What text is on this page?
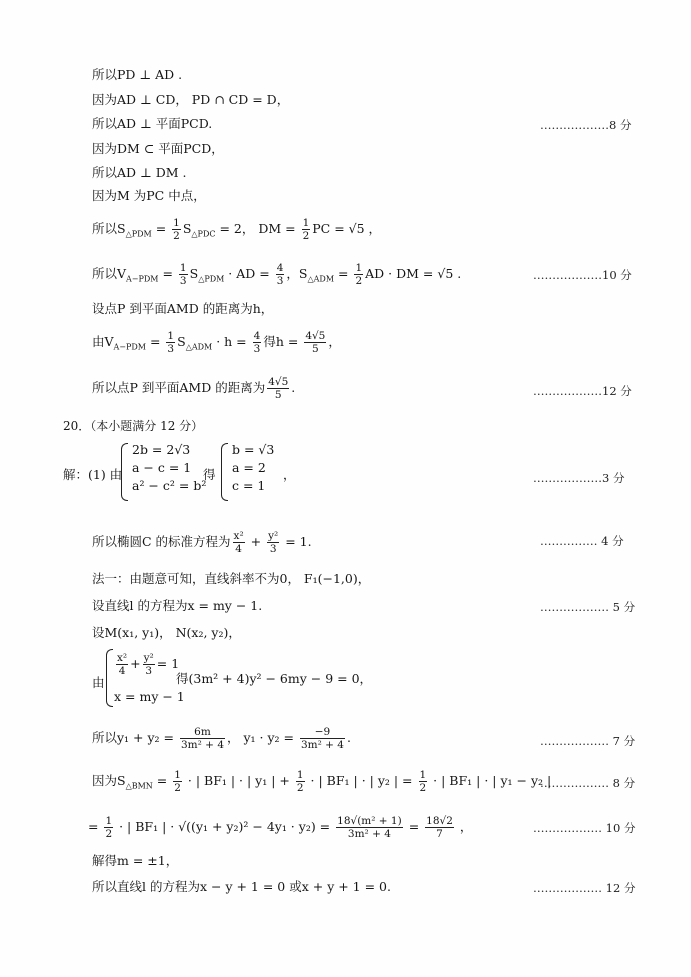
所以PD ⊥ AD .
因为AD ⊥ CD， PD ∩ CD = D，
所以AD ⊥ 平面PCD.	………………8 分
因为DM ⊂ 平面PCD，
所以AD ⊥ DM .
因为M 为PC 中点，
所以$S_{\triangle PDM} = \frac{1}{2} S_{\triangle PDC} = 2$， DM = $\frac{1}{2}$ PC = √5 ，
所以$V_{A-PDM} = \frac{1}{3} S_{\triangle PDM}$ · AD = $\frac{4}{3}$ ，$S_{\triangle ADM} = \frac{1}{2}$ AD · DM = √5 .	………………10 分
设点P 到平面AMD 的距离为h，
由$V_{A-PDM} = \frac{1}{3} S_{\triangle ADM} \cdot h = \frac{4}{3}$ 得$h = \frac{4√5}{5}$ ，
所以点P 到平面AMD 的距离为 $\frac{4√5}{5}$ .	………………12 分
20．（本小题满分 12 分）
解：(1) 由
2b = 2√3
a − c = 1
a² − c² = b²
得
b = √3
a = 2
c = 1
，	………………3 分
所以椭圆C 的标准方程为 $\frac{\text{x²}}{4} + \frac{\text{y²}}{3} = 1$.	…………… 4 分
法一：由题意可知，直线斜率不为0， F₁(−1,0)，
设直线l 的方程为x = my − 1.	……………… 5 分
设M(x₁, y₁)， N(x₂, y₂)，
由
$\frac{\text{x²}}{4} + \frac{\text{y²}}{3} = 1$
x = my − 1
得(3m² + 4)y² − 6my − 9 = 0，
所以$y_1 + y_2 = \frac{6m}{\text{3m² + 4}}$ ， $y_1 \cdot y_2 = \frac{-9}{\text{3m² + 4}}$ .	……………… 7 分
因为$S_{\triangle BMN} = \frac{1}{2}$ · | BF₁ | · | y₁ | + $\frac{1}{2}$ · | BF₁ | · | y₂ | = $\frac{1}{2}$ · | BF₁ | · | y₁ − y₂ |
……………… 8 分
= $\frac{1}{2}$ · | BF₁ | · $√((y_1 + y_2)^2 - 4y_1 \cdot y_2) = \frac{\text{18√(m² + 1)}}{\text{3m² + 4}} = \frac{18√2}{7}$ ，	……………… 10 分
解得m = ±1，
所以直线l 的方程为x − y + 1 = 0 或x + y + 1 = 0.	……………… 12 分
